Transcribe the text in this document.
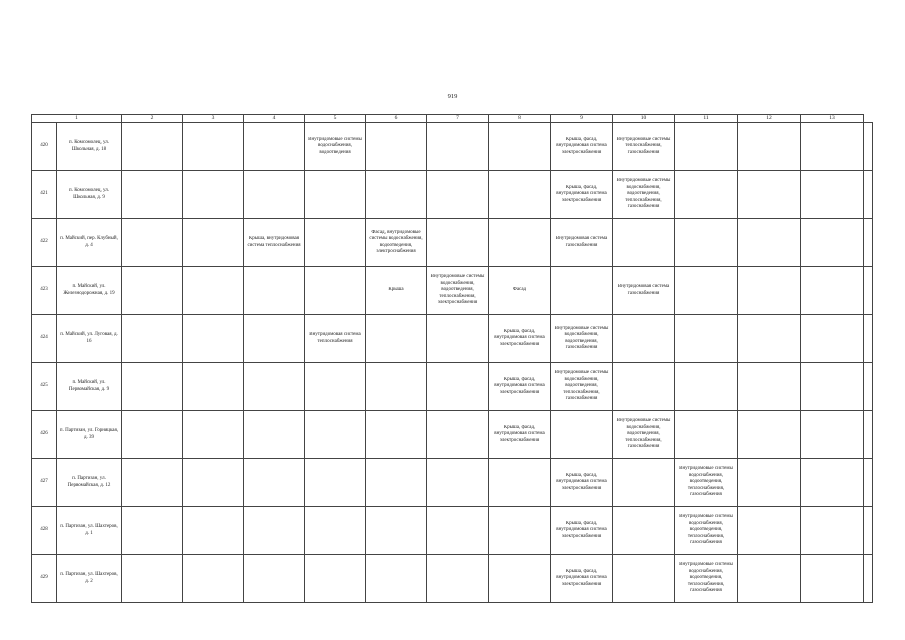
919
1		2	3	4	5	6	7	8	9	10	11	12	13	
420	п. Комсомолец, ул. Школьная, д. 18				Внутридомовые системы водоснабжения, водоотведения				Крыша, фасад, внутридомовая система электроснабжения	Внутридомовые системы теплоснабжения, газоснабжения				

421	п. Комсомолец, ул. Школьная, д. 9								Крыша, фасад, внутридомовая система электроснабжения	Внутридомовые системы водоснабжения, водоотведения, теплоснабжения, газоснабжения				

422	п. Майский, пер. Клубный, д. 4			Крыша, внутридомовая система теплоснабжения		Фасад, внутридомовые системы водоснабжения, водоотведения, электроснабжения			Внутридомовая система газоснабжения					

423	п. Майский, ул. Железнодорожная, д. 19					Крыша	Внутридомовые системы водоснабжения, водоотведения, теплоснабжения, электроснабжения	Фасад		Внутридомовая система газоснабжения				

424	п. Майский, ул. Луговая, д. 16				Внутридомовая система теплоснабжения			Крыша, фасад, внутридомовая система электроснабжения	Внутридомовые системы водоснабжения, водоотведения, газоснабжения					

425	п. Майский, ул. Первомайская, д. 9							Крыша, фасад, внутридомовая система электроснабжения	Внутридомовые системы водоснабжения, водоотведения, теплоснабжения, газоснабжения					

426	п. Партизан, ул. Горняцкая, д. 39							Крыша, фасад, внутридомовая система электроснабжения		Внутридомовые системы водоснабжения, водоотведения, теплоснабжения, газоснабжения				

427	п. Партизан, ул. Первомайская, д. 12								Крыша, фасад, внутридомовая система электроснабжения		Внутридомовые системы водоснабжения, водоотведения, теплоснабжения, газоснабжения			

428	п. Партизан, ул. Шахтеров, д. 1								Крыша, фасад, внутридомовая система электроснабжения		Внутридомовые системы водоснабжения, водоотведения, теплоснабжения, газоснабжения			

429	п. Партизан, ул. Шахтеров, д. 2								Крыша, фасад, внутридомовая система электроснабжения		Внутридомовые системы водоснабжения, водоотведения, теплоснабжения, газоснабжения			
